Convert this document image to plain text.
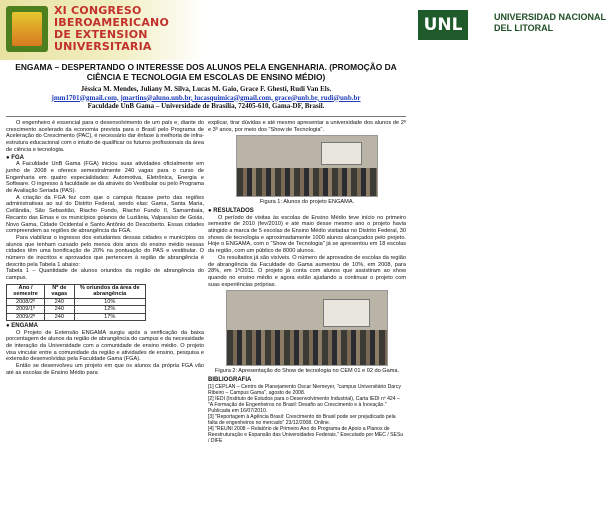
XI CONGRESO
IBEROAMERICANO
DE EXTENSION
UNIVERSITARIA
UNL	UNIVERSIDAD NACIONAL DEL LITORAL
ENGAMA – DESPERTANDO O INTERESSE DOS ALUNOS PELA ENGENHARIA. (PROMOÇÃO DA CIÊNCIA E TECNOLOGIA EM ESCOLAS DE ENSINO MÉDIO)
Jéssica M. Mendes, Juliany M. Silva, Lucas M. Gaio, Grace F. Ghesti, Rudi Van Els.
jmm1701@gmail.com, jmartins@aluno.unb.br, lucasquimica@gmail.com, grace@unb.br, rudi@unb.br
Faculdade UnB Gama – Universidade de Brasília, 72405-610, Gama-DF, Brasil.

O engenheiro é essencial para o desenvolvimento de um país e, diante do crescimento acelerado da economia prevista para o Brasil pelo Programa de Aceleração do Crescimento (PAC), é necessário dar ênfase à melhoria de infra-estrutura educacional com o intuito de qualificar os futuros profissionais da área de ciência e tecnologia.

● FGA

A Faculdade UnB Gama (FGA) iniciou suas atividades oficialmente em junho de 2008 e oferece semestralmente 240 vagas para o curso de Engenharia em quatro especialidades: Automotiva, Eletrônica, Energia e Software. O ingresso à faculdade se dá através do Vestibular ou pelo Programa de Avaliação Seriada (PAS).

A criação da FGA fez com que o campus ficasse perto das regiões administrativas ao sul do Distrito Federal, sendo elas: Gama, Santa Maria, Ceilândia, São Sebastião, Riacho Fundo, Riacho Fundo II, Samambaia, Recanto das Emas e os municípios goianos de Luziânia, Valparaíso de Goiás, Novo Gama, Cidade Ocidental e Santo Antônio do Descoberto. Essas cidades compreendem as regiões de abrangência da FGA.

Para viabilizar o ingresso dos estudantes dessas cidades e municípios os alunos que tenham cursado pelo menos dois anos do ensino médio nessas cidades têm uma bonificação de 20% na pontuação do PAS e vestibular. O número de inscritos e aprovados que pertencem à região de abrangência é descrito pela Tabela 1 abaixo:

Tabela 1 – Quantidade de alunos oriundos da região de abrangência do campus.
Ano / semestre	Nº de vagas	% oriundos da área de abrangência
2008/2º	240	10%
2009/1º	240	12%
2009/2º	240	17%
● ENGAMA

O Projeto de Extensão ENGAMA surgiu após a verificação da baixa porcentagem de alunos da região de abrangência do campus e da necessidade de interação da Universidade com a comunidade de ensino médio. O projeto visa vincular entre a comunidade da região e atividades de ensino, pesquisa e extensão desenvolvidas pela Faculdade Gama (FGA).

Então se desenvolveu um projeto em que os alunos da própria FGA vão até as escolas de Ensino Médio para

explicar, tirar dúvidas e até mesmo apresentar a universidade dos alunos de 2º e 3º anos, por meio dos "Show de Tecnologia".

Figura 1: Alunos do projeto ENGAMA.
● RESULTADOS

O período de visitas às escolas de Ensino Médio teve início no primeiro semestre de 2010 (fev/2010) e até maio desse mesmo ano o projeto havia atingido a marca de 5 escolas de Ensino Médio visitadas no Distrito Federal, 30 shows de tecnologia e aproximadamente 1000 alunos alcançados pelo projeto. Hoje o ENGAMA, com o "Show de Tecnologia" já se apresentou em 18 escolas da região, com um público de 8000 alunos.

Os resultados já são visíveis. O número de aprovados de escolas da região de abrangência da Faculdade do Gama aumentou de 10%, em 2008, para 28%, em 1º/2011. O projeto já conta com alunos que assistiram ao show quando no ensino médio e agora estão ajudando a continuar o projeto com suas experiências próprias.

Figura 2: Apresentação do Show de tecnologia no CEM 01 e 02 do Gama.
BIBLIOGRAFIA

[1] CEPLAN – Centro de Planejamento Oscar Niemeyer, "campus Universitário Darcy Ribeiro – Campus Gama", agosto de 2008.

[2] IEDI (Instituto de Estudos para o Desenvolvimento Industrial), Carta IEDI nº 424 – "A Formação de Engenheiros no Brasil: Desafio ao Crescimento e à Inovação." Publicada em 16/07/2010.

[3] "Reportagem à Agência Brasil: Crescimento do Brasil pode ser prejudicado pela falta de engenheiros no mercado" 23/12/2008. Online.

[4] "REUNI 2008 – Relatório de Primeiro Ano do Programa de Apoio a Planos de Reestruturação e Expansão das Universidades Federais." Executado por MEC / SESu / DIFE
